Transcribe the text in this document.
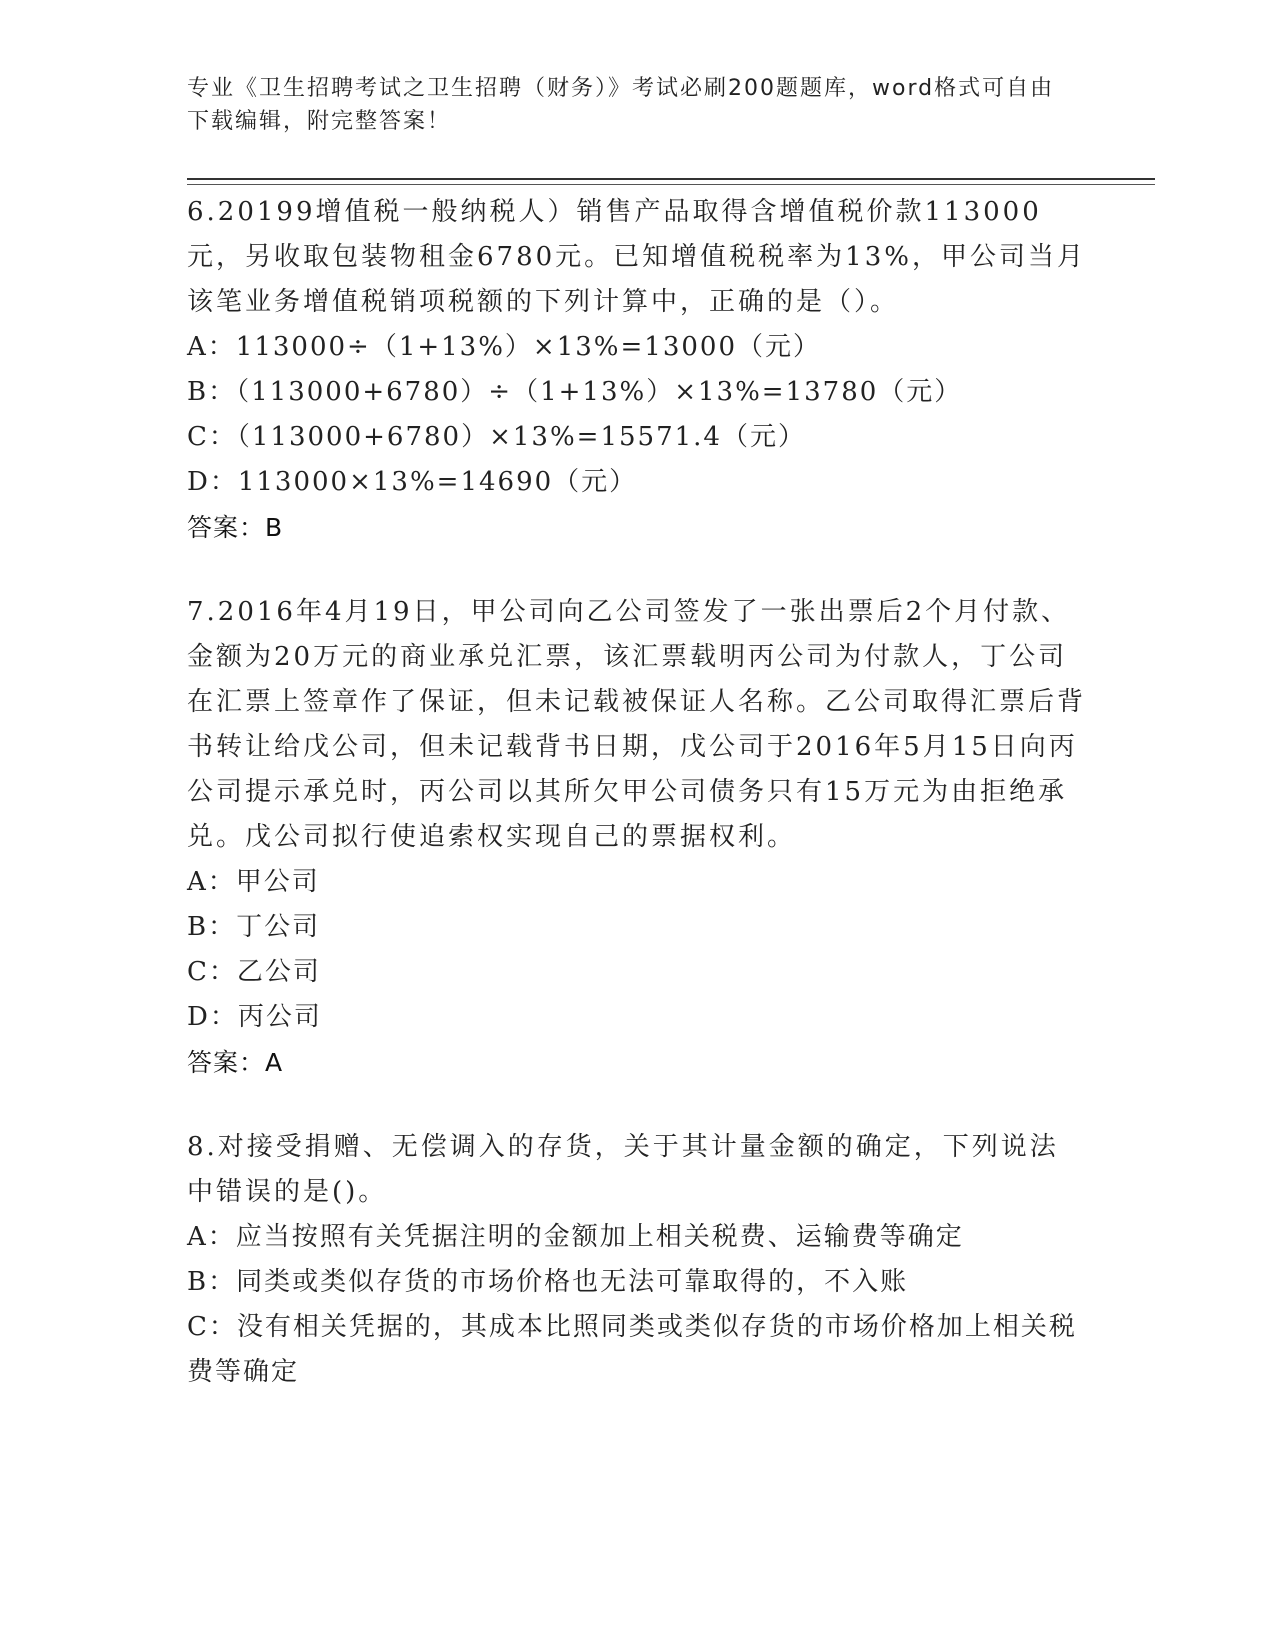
专业《卫生招聘考试之卫生招聘（财务）》考试必刷200题题库，word格式可自由下载编辑，附完整答案！
6.20199增值税一般纳税人）销售产品取得含增值税价款113000元，另收取包装物租金6780元。已知增值税税率为13%，甲公司当月该笔业务增值税销项税额的下列计算中，正确的是（）。
A：113000÷（1+13%）×13%=13000（元）
B：（113000+6780）÷（1+13%）×13%=13780（元）
C：（113000+6780）×13%=15571.4（元）
D：113000×13%=14690（元）
答案：B
7.2016年4月19日，甲公司向乙公司签发了一张出票后2个月付款、金额为20万元的商业承兑汇票，该汇票载明丙公司为付款人，丁公司在汇票上签章作了保证，但未记载被保证人名称。乙公司取得汇票后背书转让给戊公司，但未记载背书日期，戊公司于2016年5月15日向丙公司提示承兑时，丙公司以其所欠甲公司债务只有15万元为由拒绝承兑。戊公司拟行使追索权实现自己的票据权利。
A：甲公司
B：丁公司
C：乙公司
D：丙公司
答案：A
8.对接受捐赠、无偿调入的存货，关于其计量金额的确定，下列说法中错误的是()。
A：应当按照有关凭据注明的金额加上相关税费、运输费等确定
B：同类或类似存货的市场价格也无法可靠取得的，不入账
C：没有相关凭据的，其成本比照同类或类似存货的市场价格加上相关税费等确定
